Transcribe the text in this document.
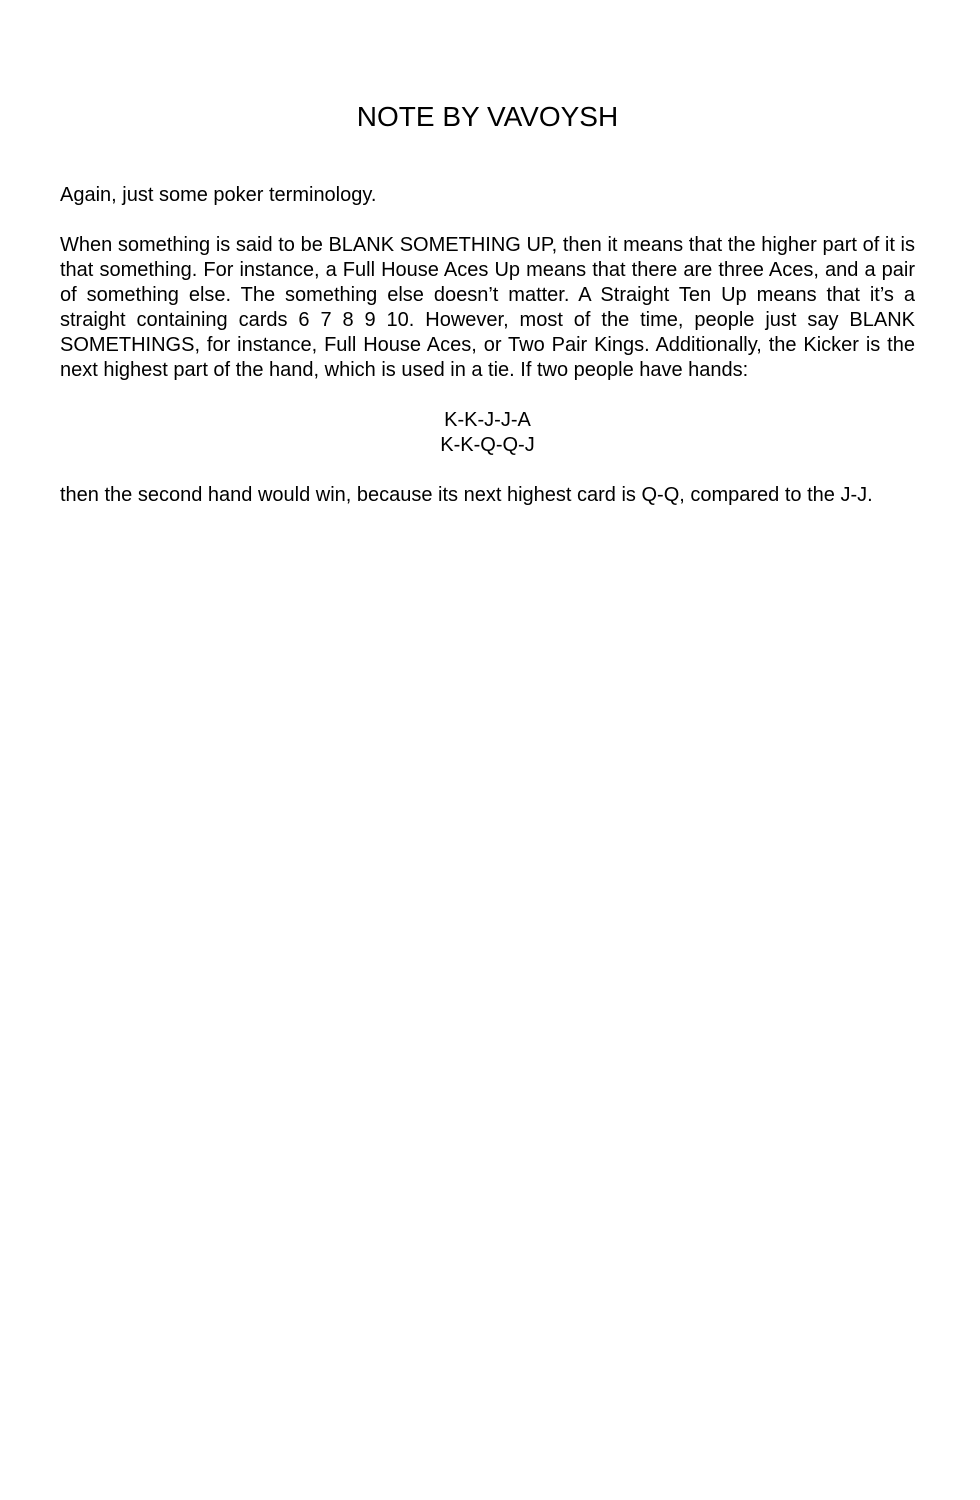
NOTE BY VAVOYSH

Again, just some poker terminology.

When something is said to be BLANK SOMETHING UP, then it means that the higher part of it is that something. For instance, a Full House Aces Up means that there are three Aces, and a pair of something else. The something else doesn’t matter. A Straight Ten Up means that it’s a straight containing cards 6 7 8 9 10. However, most of the time, people just say BLANK SOMETHINGS, for instance, Full House Aces, or Two Pair Kings. Additionally, the Kicker is the next highest part of the hand, which is used in a tie. If two people have hands:

K-K-J-J-A
K-K-Q-Q-J

then the second hand would win, because its next highest card is Q-Q, compared to the J-J.
